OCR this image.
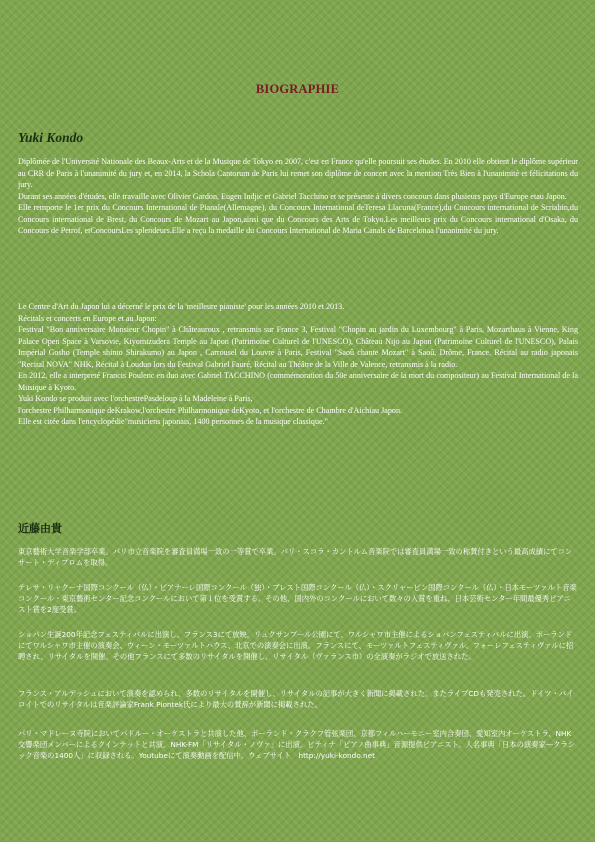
BIOGRAPHIE
Yuki Kondo
Diplômée de l'Université Nationale des Beaux-Arts et de la Musique de Tokyo en 2007, c'est en France qu'elle poursuit ses études. En 2010 elle obtient le diplôme supérieur au CRR de Paris à l'unanimité du jury et, en 2014, la Schola Cantorum de Paris lui remet son diplôme de concert avec la mention Très Bien à l'unanimité et félicitations du jury.
Durant ses années d'études, elle travaille avec Olivier Gardon, Eugen Indjic et Gabriel Tacchino et se présente à divers concours dans plusieurs pays d'Europe etau Japon.
Elle remporte le 1er prix du Concours International de Pianale(Allemagne), du Concours International deTeresa Llacuna(France),du Concours international de Scriabin,du Concours international de Brest, du Concours de Mozart au Japon,ainsi que du Concours des Arts de Tokyo.Les meilleurs prix du Concours international d'Osaka, du Concours de Petrof, etConcoursLes splendeurs.Elle a reçu la medaille du Concours International de Maria Canals de Barcelonaa l'unanimité du jury.
Le Centre d'Art du Japon lui a décerné le prix de la 'meilleure pianiste' pour les années 2010 et 2013.
Récitals et concerts en Europe et au Japon:
Festival "Bon anniversaire Monsieur Chopin" à Châteauroux , retransmis sur France 3, Festival "Chopin au jardin du Luxembourg" à Paris, Mozarthaus à Vienne, King Palace Open Space à Varsovie, Kiyomizudera Temple au Japon (Patrimoine Culturel de l'UNESCO), Château Nijo au Japon (Patrimoine Culturel de l'UNESCO), Palais Impérial Gosho (Temple shinto Shirakumo) au Japon , Carrousel du Louvre à Paris, Festival "Saoû chante Mozart" à Saoû, Drôme, France. Récital au radio japonais "Recital NOVA" NHK, Récital à Loudun lors du Festival Gabriel Fauré, Récital au Théâtre de la Ville de Valence, retransmis à la radio.
En 2012, elle a interpreté Francis Poulenc en duo avec Gabriel TACCHINO (commémoration du 50e anniversaire de la mort du compositeur) au Festival International de la Musique à Kyoto.
Yuki Kondo se produit avec l'orchestrePasdeloup à la Madeleine à Paris,
l'orchestre Philharmonique deKrakow,l'orchestre Philharmonique deKyoto, et l'orchestre de Chambre d'Aichiau Japon.
Elle est citée dans l'encyclopédie"musiciens japonais, 1400 personnes de la musique classique."
近藤由貴
東京藝術大学音楽学部卒業。パリ市立音楽院を審査員満場一致の一等賞で卒業。パリ・スコラ・カントルム音楽院では審査員満場一致の称賛付きという最高成績にてコンサート・ディプロムを取得。
テレサ・リャクーナ国際コンクール（仏）・ピアナーレ国際コンクール（独）・ブレスト国際コンクール（仏）・スクリャービン国際コンクール（仏）・日本モーツァルト音楽コンクール・東京藝術センター記念コンクールにおいて第１位を受賞する。その他、国内外のコンクールにおいて数々の入賞を重ね、日本芸術センター年間最優秀ピアニスト賞を2度受賞。
ショパン生誕200年記念フェスティバルに出演し、フランス3にて放映。リュクサンブール公園にて、ワルシャワ市主催によるショパンフェスティバルに出演。ポーランドにてワルシャワ市主催の演奏会、ウィーン・モーツァルトハウス、北京での演奏会に出演。フランスにて、モーツァルトフェスティヴァル、フォーレフェスティヴァルに招聘され、リサイタルを開催。その他フランスにて多数のリサイタルを開催し、リサイタル（ヴァランス市）の全演奏がラジオで放送された。
フランス・アルデッシュにおいて演奏を認められ、多数のリサイタルを開催し、リサイタルの記事が大きく新聞に掲載された。またライブCDも発売された。ドイツ・バイロイトでのリサイタルは音楽評論家Frank Piontek氏により最大の賛辞が新聞に掲載された。
パリ・マドレーヌ寺院においてパドルー・オーケストラと共演した他、ポーランド・クラクフ管弦楽団、京都フィルハーモニー室内合奏団、愛知室内オーケストラ、NHK交響楽団メンバーによるクインテットと共演。NHK-FM「リサイタル・ノヴァ」に出演。ビティナ「ピアノ曲事典」音源提供ピアニスト。人名事典「日本の演奏家―クラシック音楽の1400人」に収録される。Youtubeにて演奏動画を配信中。ウェブサイト　http://yuki-kondo.net
